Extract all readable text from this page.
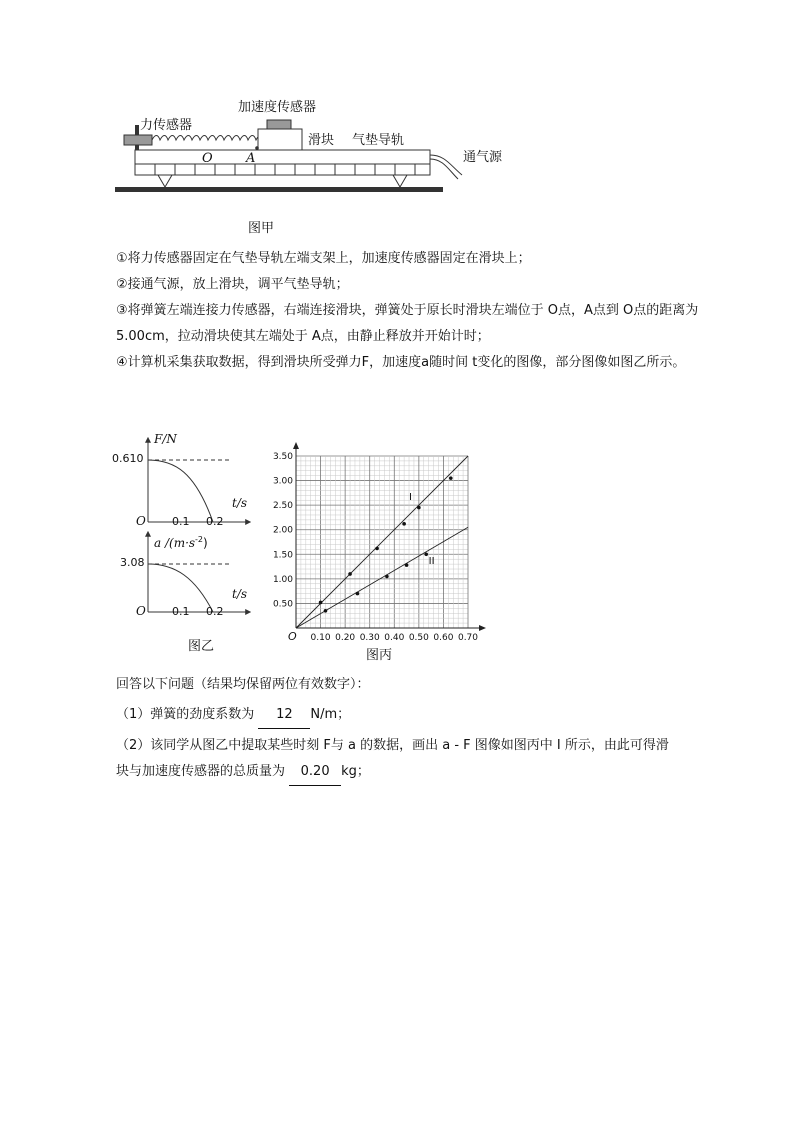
加速度传感器
力传感器
滑块 气垫导轨
通气源
O	A
图甲

①将力传感器固定在气垫导轨左端支架上，加速度传感器固定在滑块上；

②接通气源，放上滑块，调平气垫导轨；

③将弹簧左端连接力传感器，右端连接滑块，弹簧处于原长时滑块左端位于 O点，A点到 O点的距离为 5.00cm，拉动滑块使其左端处于 A点，由静止释放并开始计时；

④计算机采集获取数据，得到滑块所受弹力F，加速度a随时间 t变化的图像，部分图像如图乙所示。

F/N
0.610
t/s
O 0.1 0.2
a $/(m\cdot s^{-2})$
3.08
t/s
O 0.1 0.2
图乙
0.10 0.20 0.30 0.40 0.50 0.60 0.70
0.50
1.00
1.50
2.00
2.50
3.00
3.50
O
I
II
图丙

回答以下问题（结果均保留两位有效数字）：

（1）弹簧的劲度系数为 12 N/m；

（2）该同学从图乙中提取某些时刻 F与 a 的数据，画出 a - F 图像如图丙中 I 所示，由此可得滑

块与加速度传感器的总质量为 0.20 kg；
